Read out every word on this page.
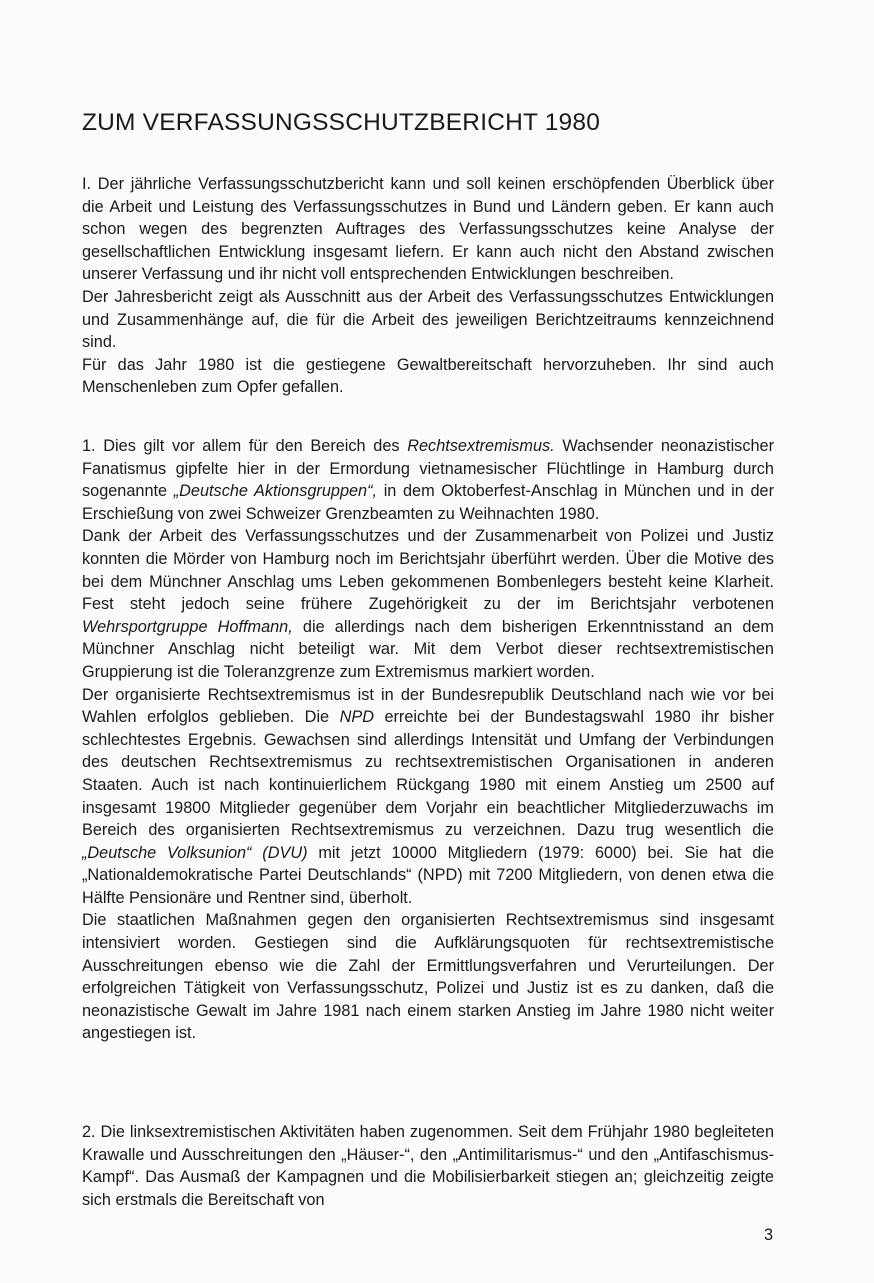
ZUM VERFASSUNGSSCHUTZBERICHT 1980

I. Der jährliche Verfassungsschutzbericht kann und soll keinen erschöpfenden Überblick über die Arbeit und Leistung des Verfassungsschutzes in Bund und Ländern geben. Er kann auch schon wegen des begrenzten Auftrages des Verfassungsschutzes keine Analyse der gesellschaftlichen Entwicklung insgesamt liefern. Er kann auch nicht den Abstand zwischen unserer Verfassung und ihr nicht voll entsprechenden Entwicklungen beschreiben.

Der Jahresbericht zeigt als Ausschnitt aus der Arbeit des Verfassungsschutzes Entwicklungen und Zusammenhänge auf, die für die Arbeit des jeweiligen Berichtzeitraums kennzeichnend sind.

Für das Jahr 1980 ist die gestiegene Gewaltbereitschaft hervorzuheben. Ihr sind auch Menschenleben zum Opfer gefallen.

1. Dies gilt vor allem für den Bereich des Rechtsextremismus. Wachsender neonazistischer Fanatismus gipfelte hier in der Ermordung vietnamesischer Flüchtlinge in Hamburg durch sogenannte „Deutsche Aktionsgruppen“, in dem Oktoberfest-Anschlag in München und in der Erschießung von zwei Schweizer Grenzbeamten zu Weihnachten 1980.

Dank der Arbeit des Verfassungsschutzes und der Zusammenarbeit von Polizei und Justiz konnten die Mörder von Hamburg noch im Berichtsjahr überführt werden. Über die Motive des bei dem Münchner Anschlag ums Leben gekommenen Bombenlegers besteht keine Klarheit. Fest steht jedoch seine frühere Zugehörigkeit zu der im Berichtsjahr verbotenen Wehrsportgruppe Hoffmann, die allerdings nach dem bisherigen Erkenntnisstand an dem Münchner Anschlag nicht beteiligt war. Mit dem Verbot dieser rechtsextremistischen Gruppierung ist die Toleranzgrenze zum Extremismus markiert worden.

Der organisierte Rechtsextremismus ist in der Bundesrepublik Deutschland nach wie vor bei Wahlen erfolglos geblieben. Die NPD erreichte bei der Bundestagswahl 1980 ihr bisher schlechtestes Ergebnis. Gewachsen sind allerdings Intensität und Umfang der Verbindungen des deutschen Rechtsextremismus zu rechtsextremistischen Organisationen in anderen Staaten. Auch ist nach kontinuierlichem Rückgang 1980 mit einem Anstieg um 2500 auf insgesamt 19800 Mitglieder gegenüber dem Vorjahr ein beachtlicher Mitgliederzuwachs im Bereich des organisierten Rechtsextremismus zu verzeichnen. Dazu trug wesentlich die „Deutsche Volksunion“ (DVU) mit jetzt 10000 Mitgliedern (1979: 6000) bei. Sie hat die „Nationaldemokratische Partei Deutschlands“ (NPD) mit 7200 Mitgliedern, von denen etwa die Hälfte Pensionäre und Rentner sind, überholt.

Die staatlichen Maßnahmen gegen den organisierten Rechtsextremismus sind insgesamt intensiviert worden. Gestiegen sind die Aufklärungsquoten für rechtsextremistische Ausschreitungen ebenso wie die Zahl der Ermittlungsverfahren und Verurteilungen. Der erfolgreichen Tätigkeit von Verfassungsschutz, Polizei und Justiz ist es zu danken, daß die neonazistische Gewalt im Jahre 1981 nach einem starken Anstieg im Jahre 1980 nicht weiter angestiegen ist.

2. Die linksextremistischen Aktivitäten haben zugenommen. Seit dem Frühjahr 1980 begleiteten Krawalle und Ausschreitungen den „Häuser-“, den „Antimilitarismus-“ und den „Antifaschismus-Kampf“. Das Ausmaß der Kampagnen und die Mobilisierbarkeit stiegen an; gleichzeitig zeigte sich erstmals die Bereitschaft von

3
